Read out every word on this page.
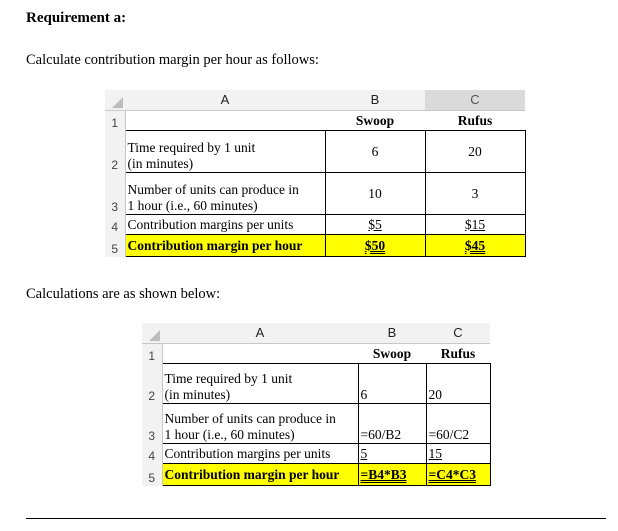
Requirement a:
Calculate contribution margin per hour as follows:
	A	B	C
1		Swoop	Rufus
2	Time required by 1 unit
(in minutes)	6	20
3	Number of units can produce in
1 hour (i.e., 60 minutes)	10	3
4	Contribution margins per units	$5	$15
5	Contribution margin per hour	$50	$45
Calculations are as shown below:
	A	B	C
1		Swoop	Rufus
2	Time required by 1 unit
(in minutes)	6	20
3	Number of units can produce in
1 hour (i.e., 60 minutes)	=60/B2	=60/C2
4	Contribution margins per units	5	15
5	Contribution margin per hour	=B4*B3	=C4*C3
